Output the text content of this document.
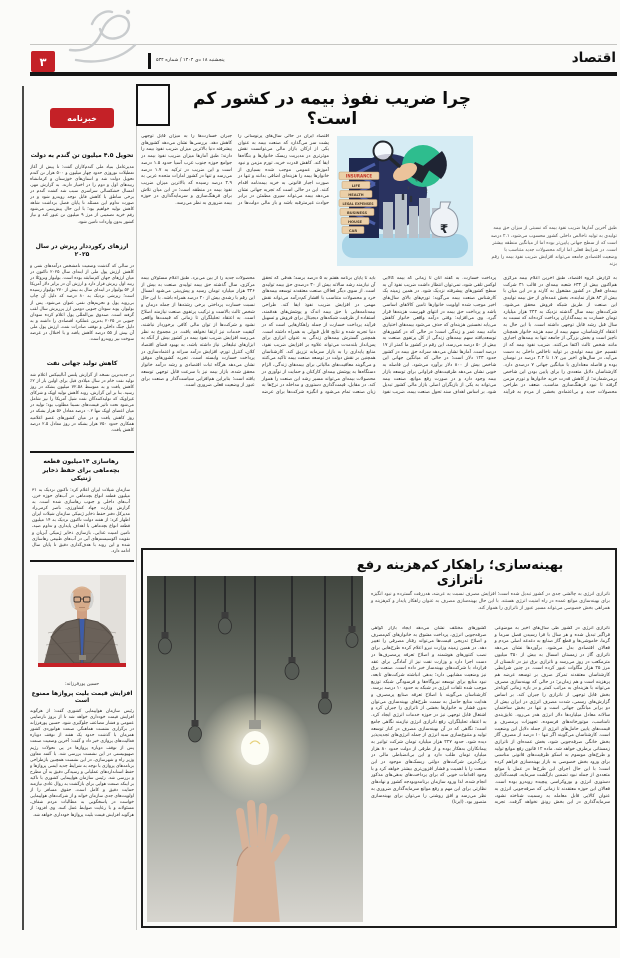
اقتصاد
۳	پنجشنبه ۱۸ دی ۱۴۰۴ / شماره ۵۳۴
خبرنامه
تحویل ۴.۵ میلیون تن گندم به دولت
مدیرعامل بنیاد ملی گندم‌کاران گفت: تا پیش از آغاز تعطیلات نوروزی حدود چهار میلیون و ۵۰۰ هزار تن گندم تحویل دولت شد و استان‌های خوزستان و کرمانشاه رتبه‌های اول و دوم را در اختیار دارند. به گزارش مهر، امسال خشکسالی سراسری سبب شد کشت گندم در برخی مناطق با کاهش قابل توجه روبه‌رو شود و در صورت تداوم این مسئله تا پایان فصل برداشت شاهد کاهش تولید خواهیم بود؛ با این حال پیش‌بینی می‌شود رقم خرید تضمینی از مرز ۹ میلیون تن عبور کند و نیاز کشور بدون واردات تامین شود.
ارزهای رکورددار ریزش در سال ۲۰۲۵
در سالی که گذشت وضعیت نامشخص درآمدهای نفتی و کاهش ارزش پول ملی از ابتدای سال ۲۰۲۵ تاکنون در میان ارزهای جهان کم‌سابقه بوده است. بولیوار ونزوئلا در رتبه اول ریزش قرار دارد و ارزش آن در برابر دلار آمریکا از ۵۲ بولیوار در ابتدای سال به بیش از ۲۷۰ بولیوار رسیده است؛ ریزشی نزدیک به ۸۰ درصد که دلیل آن چاپ بی‌رویه پول و تحریم‌های نفتی عنوان می‌شود. پس از بولیوار، پوند سودان جنوبی دومین ارز پرریزش سال لقب گرفته است. صندوق بین‌المللی پول اعلام کرده سودان جنوبی در ۲۰۲۵ بدترین عملکرد اقتصادی را داشته و به دلیل جنگ داخلی و توقف صادرات نفت، ارزش پول ملی آن بیش از ۵۵ درصد کاهش یافته و با اختلال در عرضه سوخت نیز روبه‌رو است.
کاهش تولید جهانی نفت
در جدیدترین نسخه از گزارش پلتس آنالیتیکس اعلام شد تولید نفت خام در سال میلادی قبل برای اولین بار از ۲٪ کاهش یافت و به متوسط ۷۲.۵۸ میلیون بشکه در روز رسید. بنا بر این گزارش، روند کاهش تولید اوپک و شرکای غیراوپک که تولیدکنندگان نفت شیل آمریکا را نیز شامل می‌شود تحت تاثیر قیمت‌های نسبتا مطلوب بود؛ تولید در میان اعضای اوپک تنها ۰.۲ درصد معادل ۵۶ هزار بشکه در روز کاهش یافت و در میان کشورهای عضو اعلامیه همکاری حدود ۷۵۰ هزار بشکه در روز معادل ۲.۵ درصد کاهش یافت.
رهاسازی ۱۴میلیون قطعه بچه‌ماهی برای حفظ ذخایر ژنتیکی
سازمان شیلات ایران اعلام کرد: تاکنون نزدیک به ۳۱ میلیون قطعه انواع بچه‌ماهی در آب‌های حوزه خزر، آب‌های داخلی و جنوب رهاسازی شده است. به گزارش وزارت جهاد کشاورزی، ناصر کرمی‌راد مدیرکل دفتر حفظ ذخایر ژنتیکی سازمان شیلات ایران اظهار کرد: از هفته دولت تاکنون نزدیک به ۱۴ میلیون قطعه انواع بچه‌ماهی با اهداف پایداری و تداوم صید، تامین امنیت غذایی، بازسازی ذخایر ژنتیکی آبزیان و تقویت اکوسیستم‌های آبی در آب‌های طبیعی رهاسازی شده و این روند با هدف‌گذاری دقیق تا پایان سال ادامه دارد.
حسین پورفرزانه:
افزایش قیمت بلیت پروازها ممنوع است
رئیس سازمان هواپیمایی کشوری گفت: از هرگونه افزایش قیمت خودداری خواهد شد تا از بروز نارضایتی عمومی و فشار مضاعف جلوگیری شود. حسین پورفرزانه در برگزاری نشست هماهنگی صنعت هوانوردی کشور همزمان با گذشت حدود یک هفته از توقف دوباره فعالیت‌های پروازی خبر داد و گفت: آخرین وضعیت صنعت پس از توقف دوباره پروازها در پی تحولات رژیم صهیونیستی در این نشست بررسی شد. با گفته معاون وزیر راه و شهرسازی، در این نشست همچنین بازطراحی برنامه‌های پروازی با توجه به شرایط جدید ایمنی پروازها و حفظ استانداردهای عملیاتی و رسیدگی دقیق به آن مطرح و بررسی شد. رئیس سازمان هواپیمایی کشوری با تاکید بر اینکه صنعت هوایی برای بازگشت به روال عادی نیازمند حمایت دقیق و کامل است، حقوق مسافر را از اولویت‌های جدی سازمان خواند و از شرکت‌های هواپیمایی خواست در پاسخگویی به مطالبات مردم شفاف، مسئولانه و با رعایت ضوابط عمل کنند. وی افزود: از هرگونه افزایش قیمت بلیت پروازها خودداری خواهد شد.
چرا ضریب نفوذ بیمه در کشور کم است؟
طبق آخرین آمارها ضریب نفوذ بیمه که نسبتی از میزان حق بیمه تولیدی به تولید ناخالص داخلی کشور محسوب می‌شود، ۲.۱ درصد است که از سطح جهانی پایین‌تر بوده اما از میانگین منطقه بیشتر است. در شرایط فعلی اما ارائه محصولات جدید متناسب با وضعیت اقتصادی جامعه می‌تواند افزایش ضریب نفوذ بیمه را رقم بزند
INSURANCE
LIFE
HEALTH
LEGAL EXPENSES
BUSINESS
HOUSE
CAR
₹
₹
₹
₹
اقتصاد ایران در حالی سال‌های پرنوسانی را پشت سر می‌گذارد که صنعت بیمه به عنوان یکی از ارکان بازار مالی می‌توانست نقش موثرتری در مدیریت ریسک خانوارها و بنگاه‌ها ایفا کند. کاهش قدرت خرید، تورم مزمن و نبود آموزش عمومی موجب شده بسیاری از خانوارها بیمه را هزینه‌ای اضافی بدانند و تنها در صورت اجبار قانونی به خرید بیمه‌نامه اقدام کنند. این در حالی است که تجربه جهانی نشان می‌دهد بیمه می‌تواند سپری مطمئن در برابر حوادث غیرمترقبه باشد و بار مالی دولت‌ها در جبران خسارت‌ها را به میزان قابل توجهی کاهش دهد. بررسی‌ها نشان می‌دهد کشورهای پیشرفته دنیا بالاترین میزان ضریب نفوذ بیمه را دارند؛ طبق آمارها میزان ضریب نفوذ بیمه در جوامع حوزه جنوب غرب آسیا حدود ۱.۵ درصد است و این ضریب در ترکیه به ۱.۷ درصد می‌رسد و تنها در کشور امارات متحده عربی به ۲.۹ درصد رسیده که بالاترین میزان ضریب نفوذ بیمه در منطقه است؛ در این میان تلاش برای فرهنگ‌سازی و سرمایه‌گذاری در حوزه بیمه ضروری به نظر می‌رسد.
به گزارش گروه اقتصاد، طبق آخرین اعلام بیمه مرکزی هم‌اکنون بیش از ۶۳۳ شعبه بیمه‌ای در قالب ۳۱ شرکت بیمه‌ای فعال در کشور مشغول به کارند و در این میان با بیش از ۸۳ هزار نماینده، بخش عمده‌ای از حق بیمه تولیدی این صنعت از طریق شبکه فروش محقق می‌شود. شرکت‌های بیمه سال گذشته نزدیک به ۲۴۲ هزار میلیارد تومان خسارت به بیمه‌گذاران پرداخت کرده‌اند که نسبت به سال قبل رشد قابل توجهی داشته است. با این حال به اعتقاد کارشناسان، سهم بیمه از سبد هزینه خانوار همچنان ناچیز است و بخش بزرگی از جامعه تنها به بیمه‌های اجباری مانند شخص ثالث اکتفا می‌کنند. ضریب نفوذ بیمه که از تقسیم حق بیمه تولیدی بر تولید ناخالص داخلی به دست می‌آید، در سال‌های اخیر بین ۱.۷ تا ۲.۳ درصد در نوسان بوده و فاصله معناداری با میانگین جهانی ۷ درصدی دارد. کارشناسان دلایل متعددی را برای پایین بودن این شاخص برمی‌شمارند؛ از کاهش قدرت خرید خانوارها و تورم مزمن گرفته تا نبود فرهنگ‌سازی مناسب، ضعف در طراحی محصولات جدید و بی‌اعتمادی بخشی از مردم به فرآیند پرداخت خسارت. به گفته آنان تا زمانی که بیمه کالایی لوکس تلقی شود، نمی‌توان انتظار داشت ضریب نفوذ آن به سطح کشورهای پیشرفته نزدیک شود. در همین زمینه یک کارشناس صنعت بیمه می‌گوید: تورم‌های بالای سال‌های اخیر موجب شده اولویت خانوارها تامین کالاهای اساسی باشد و پرداخت حق بیمه در انتهای فهرست هزینه‌ها قرار گیرد. وی می‌افزاید: وقتی درآمد واقعی خانوار کاهش می‌یابد نخستین هزینه‌ای که حذف می‌شود بیمه‌های اختیاری مانند بیمه عمر و زندگی است؛ در حالی که در کشورهای توسعه‌یافته سهم بیمه‌های زندگی از کل پرتفوی صنعت به بیش از ۵۰ درصد می‌رسد، این رقم در کشور ما کمتر از ۱۷ درصد است. آمارها نشان می‌دهد سرانه حق بیمه در کشور حدود ۱۲۳ دلار است؛ در حالی که میانگین جهانی این شاخص بیش از ۸۰۰ دلار برآورد می‌شود. این فاصله به خوبی نشان می‌دهد ظرفیت‌های فراوانی برای توسعه بازار بیمه وجود دارد و در صورت رفع موانع، صنعت بیمه می‌تواند به یکی از بازیگران اصلی بازار مالی کشور تبدیل شود. بر اساس اهداف سند تحول صنعت بیمه، ضریب نفوذ باید تا پایان برنامه هفتم به ۵ درصد برسد؛ هدفی که تحقق آن نیازمند رشد سالانه بیش از ۳۰ درصدی حق بیمه تولیدی است. از سوی دیگر فعالان صنعت معتقدند توسعه بیمه‌های خرد و محصولات متناسب با اقشار کم‌درآمد می‌تواند نقش مهمی در افزایش ضریب نفوذ ایفا کند. طراحی بیمه‌نامه‌هایی با حق بیمه اندک و پوشش‌های هدفمند، استفاده از ظرفیت شبکه‌های دیجیتال برای فروش و تسهیل فرآیند پرداخت خسارت از جمله راهکارهایی است که در دنیا تجربه شده و نتایج قابل قبولی به همراه داشته است. همچنین گسترش بیمه‌های زندگی به عنوان ابزاری برای پس‌انداز بلندمدت می‌تواند علاوه بر افزایش ضریب نفوذ، منابع پایداری را به بازار سرمایه تزریق کند. کارشناسان همچنین بر نقش دولت در توسعه صنعت بیمه تاکید می‌کنند و می‌گویند معافیت‌های مالیاتی برای بیمه‌های زندگی، الزام دستگاه‌ها به پوشش بیمه‌ای کارکنان و حمایت از نوآوری در محصولات بیمه‌ای می‌تواند مسیر رشد این صنعت را هموار کند. در مقابل، قیمت‌گذاری دستوری و مداخله در نرخ‌ها به زیان صنعت تمام می‌شود و انگیزه شرکت‌ها برای عرضه محصولات جدید را از بین می‌برد. طبق اعلام مسئولان بیمه مرکزی، سال گذشته حق بیمه تولیدی صنعت به بیش از ۳۲۶ هزار میلیارد تومان رسید و پیش‌بینی می‌شود امسال این رقم با رشدی بیش از ۴۰ درصد همراه باشد. با این حال نسبت خسارت پرداختی برخی رشته‌ها از جمله درمان و شخص ثالث بالاست و ترکیب پرتفوی صنعت نیازمند اصلاح است. به اعتقاد تحلیلگران تا زمانی که قیمت‌ها واقعی نشود و شرکت‌ها از توان مالی کافی برخوردار نباشند، کیفیت خدمات نیز ارتقا نخواهد یافت. در مجموع به نظر می‌رسد افزایش ضریب نفوذ بیمه در کشور بیش از آنکه به ابزارهای تبلیغاتی نیاز داشته باشد، به بهبود فضای اقتصاد کلان، کنترل تورم، افزایش درآمد سرانه و اعتمادسازی در پرداخت خسارت وابسته است. تجربه کشورهای موفق نشان می‌دهد هرگاه ثبات اقتصادی و رشد درآمد خانوار محقق شده، بازار بیمه نیز با سرعت قابل توجهی توسعه یافته است؛ بنابراین هم‌افزایی سیاست‌گذار و صنعت برای عبور از وضعیت فعلی ضروری است.
بهینه‌سازی؛ راهکار کم‌هزینه رفع ناترازی
ناترازی انرژی به چالشی جدی در کشور تبدیل شده است؛ افزایش مصرف نسبت به عرضه، هدررفت گسترده و نبود انگیزه برای بهینه‌سازی موانع عمده در راه امنیت انرژی هستند. با این حال بهینه‌سازی مصرف به عنوان راهکار پایدار و کم‌هزینه و همراهی بخش خصوصی می‌تواند مسیر عبور از ناترازی را هموار کند.
ناترازی انرژی در کشور طی سال‌های اخیر به موضوعی فراگیر تبدیل شده و هر سال با فرا رسیدن فصل سرما و گرما، خاموشی‌ها و قطع گاز صنایع به دغدغه اصلی مردم و فعالان اقتصادی بدل می‌شود. برآوردها نشان می‌دهد ناترازی گاز در زمستان امسال به بیش از ۳۵۰ میلیون مترمکعب در روز می‌رسد و ناترازی برق نیز در تابستان از مرز ۲۵ هزار مگاوات عبور کرده است. در چنین شرایطی کارشناسان معتقدند تمرکز صرف بر توسعه عرضه هم پرهزینه است و هم زمان‌بر؛ در حالی که بهینه‌سازی مصرف می‌تواند با هزینه‌ای به مراتب کمتر و در بازه زمانی کوتاه‌تر بخش قابل توجهی از ناترازی را جبران کند. بر اساس گزارش‌های رسمی، شدت مصرف انرژی در ایران بیش از دو برابر میانگین جهانی است و تنها در بخش ساختمان سالانه معادل میلیاردها دلار انرژی هدر می‌رود. عایق‌بندی نامناسب، موتورخانه‌های فرسوده، تجهیزات پرمصرف و قیمت‌های پایین حامل‌های انرژی از جمله دلایل این وضعیت است. کارشناسان می‌گویند اگر تنها ۱۰ درصد از مصرف گاز بخش خانگی صرفه‌جویی شود، بخش عمده‌ای از ناترازی زمستانی برطرف خواهد شد. ماده ۱۲ قانون رفع موانع تولید و طرح‌های موسوم به اسکو ظرفیت‌های قانونی مناسبی برای ورود بخش خصوصی به بازار بهینه‌سازی فراهم کرده است؛ با این حال اجرای این طرح‌ها در عمل با موانع متعددی از جمله نبود تضمین بازگشت سرمایه، قیمت‌گذاری دستوری انرژی و بوروکراسی پیچیده روبه‌رو بوده است. فعالان این حوزه معتقدند تا زمانی که صرفه‌جویی انرژی به عنوان کالایی قابل معامله به رسمیت شناخته نشود، سرمایه‌گذاری در این بخش رونق نخواهد گرفت. تجربه کشورهای مختلف نشان می‌دهد ایجاد بازار گواهی صرفه‌جویی انرژی، پرداخت مشوق به خانوارهای کم‌مصرف و اصلاح تدریجی قیمت‌ها می‌تواند رفتار مصرفی را تغییر دهد. در همین زمینه وزارت نیرو اعلام کرده طرح‌هایی برای نصب کنتورهای هوشمند و اصلاح تعرفه پرمصرف‌ها در دست اجرا دارد و وزارت نفت نیز از آمادگی برای عقد قرارداد با شرکت‌های بهینه‌ساز خبر داده است. صنعت برق نیز وضعیت مشابهی دارد؛ بدهی انباشته شرکت‌های تابعه، نبود منابع برای توسعه نیروگاه‌ها و فرسودگی شبکه توزیع موجب شده تلفات انرژی در شبکه به حدود ۱۰ درصد برسد. کارشناسان می‌گویند با اصلاح تعرفه صنایع پرمصرف و هدایت منابع حاصل به سمت طرح‌های بهینه‌سازی می‌توان بدون فشار به خانوارها بخشی از ناترازی را جبران کرد و اشتغال قابل توجهی نیز در حوزه خدمات انرژی ایجاد کرد. به اعتقاد تحلیلگران، رفع ناترازی انرژی نیازمند نگاهی جامع است؛ نگاهی که در آن بهینه‌سازی مصرف در کنار توسعه تولید و متنوع‌سازی سبد انرژی از جمله انرژی‌های تجدیدپذیر دیده شود. حدود ۲۲۷ هزار میلیارد تومان شرکت توانیر به پیمانکاران بدهکار بوده و از طرفی از دولت حدود ۸۰ هزار میلیارد تومان طلب دارد و این بی‌انضباطی مالی در بزرگ‌ترین شرکت‌های دولتی ریسک‌های موجود در این صنعت را با اهمیت و فشار افزون‌تری بیشتر خواهد کرد و با وجود اقدامات خوبی که برای پرداخت‌های بدهی‌های مذکور انجام شده، لذا ورود سازمان برنامه‌وبودجه کشور و نهادهای نظارتی برای این مهم و رفع موانع سرمایه‌گذاری ضروری به نظر می‌رسد و افق روشنی را می‌توان برای بهینه‌سازی متصور بود. (ایرنا)
